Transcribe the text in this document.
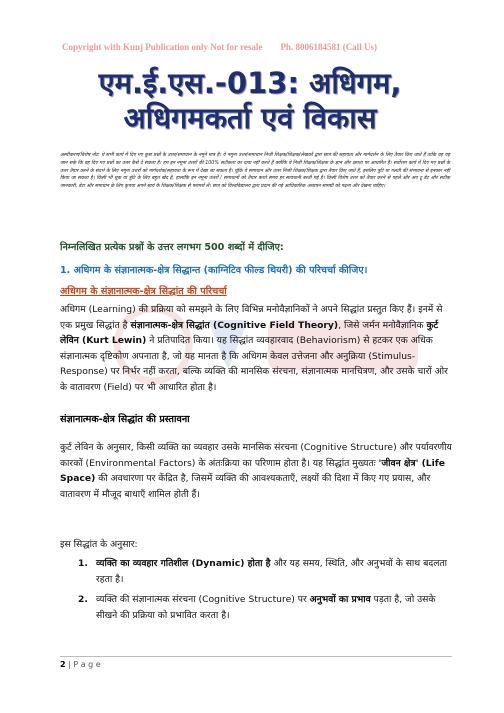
Copyright with Kunj Publication only Not for resale Ph. 8006184581 (Call Us)
एम.ई.एस.-013: अधिगम,
अधिगमकर्ता एवं विकास
अस्वीकरण/विशेष नोट: ये सभी कार्य में दिए गए कुछ प्रश्नों के उत्तर/समाधान के नमूने मात्र है। ये नमूना उत्तर/समाधान निजी शिक्षक/शिक्षक/लेखकों द्वारा छात्र की सहायता और मार्गदर्शन के लिए तैयार किए जाते हैं ताकि वह यह जान सके कि वह दिए गए प्रश्नों का उत्तर कैसे दे सकता है। हम इन नमूना उत्तरों की 100% सटीकता का दावा नहीं करते हैं क्योंकि ये निजी शिक्षक/शिक्षक के ज्ञान और क्षमता पर आधारित हैं। सर्वोत्तम कार्य में दिए गए प्रश्नों के उत्तर तैयार करने के संदर्भ के लिए नमूना उत्तरों को मार्गदर्शक/सहायता के रूप में देखा जा सकता है। चूंकि ये समाधान और उत्तर निजी शिक्षक/शिक्षक द्वारा तैयार किए जाते हैं, इसलिए त्रुटि या गलती की संभावना से इनकार नहीं किया जा सकता है। किसी भी चूक या त्रुटि के लिए बहुत खेद है, हालांकि इन नमूना उत्तरों / समाधानों को तैयार करते समय हर सावधानी बरती गई है। किसी विशेष उत्तर को तैयार करने से पहले और अप टू डेट और सटीक जानकारी, डेटा और समाधान के लिए कृपया अपने स्वयं के शिक्षक/शिक्षक से परामर्श लें। छात्र को विश्वविद्यालय द्वारा प्रदान की गई आधिकारिक अध्ययन सामग्री को पढ़ना और देखना चाहिए।
निम्नलिखित प्रत्येक प्रश्नों के उत्तर लगभग 500 शब्दों में दीजिए:
1. अधिगम के संज्ञानात्मक-क्षेत्र सिद्धान्त (काग्निटिव फील्ड थियरी) की परिचर्चा कीजिए।
अधिगम के संज्ञानात्मक-क्षेत्र सिद्धांत की परिचर्चा
अधिगम (Learning) की प्रक्रिया को समझने के लिए विभिन्न मनोवैज्ञानिकों ने अपने सिद्धांत प्रस्तुत किए हैं। इनमें से एक प्रमुख सिद्धांत है संज्ञानात्मक-क्षेत्र सिद्धांत (Cognitive Field Theory), जिसे जर्मन मनोवैज्ञानिक कुर्ट लेविन (Kurt Lewin) ने प्रतिपादित किया। यह सिद्धांत व्यवहारवाद (Behaviorism) से हटकर एक अधिक संज्ञानात्मक दृष्टिकोण अपनाता है, जो यह मानता है कि अधिगम केवल उत्तेजना और अनुक्रिया (Stimulus-Response) पर निर्भर नहीं करता, बल्कि व्यक्ति की मानसिक संरचना, संज्ञानात्मक मानचित्रण, और उसके चारों ओर के वातावरण (Field) पर भी आधारित होता है।
संज्ञानात्मक-क्षेत्र सिद्धांत की प्रस्तावना
कुर्ट लेविन के अनुसार, किसी व्यक्ति का व्यवहार उसके मानसिक संरचना (Cognitive Structure) और पर्यावरणीय कारकों (Environmental Factors) के अंतःक्रिया का परिणाम होता है। यह सिद्धांत मुख्यतः 'जीवन क्षेत्र' (Life Space) की अवधारणा पर केंद्रित है, जिसमें व्यक्ति की आवश्यकताएँ, लक्ष्यों की दिशा में किए गए प्रयास, और वातावरण में मौजूद बाधाएँ शामिल होती हैं।
इस सिद्धांत के अनुसार:
1. व्यक्ति का व्यवहार गतिशील (Dynamic) होता है और यह समय, स्थिति, और अनुभवों के साथ बदलता रहता है।
2. व्यक्ति की संज्ञानात्मक संरचना (Cognitive Structure) पर अनुभवों का प्रभाव पड़ता है, जो उसके सीखने की प्रक्रिया को प्रभावित करता है।
2 | P a g e
